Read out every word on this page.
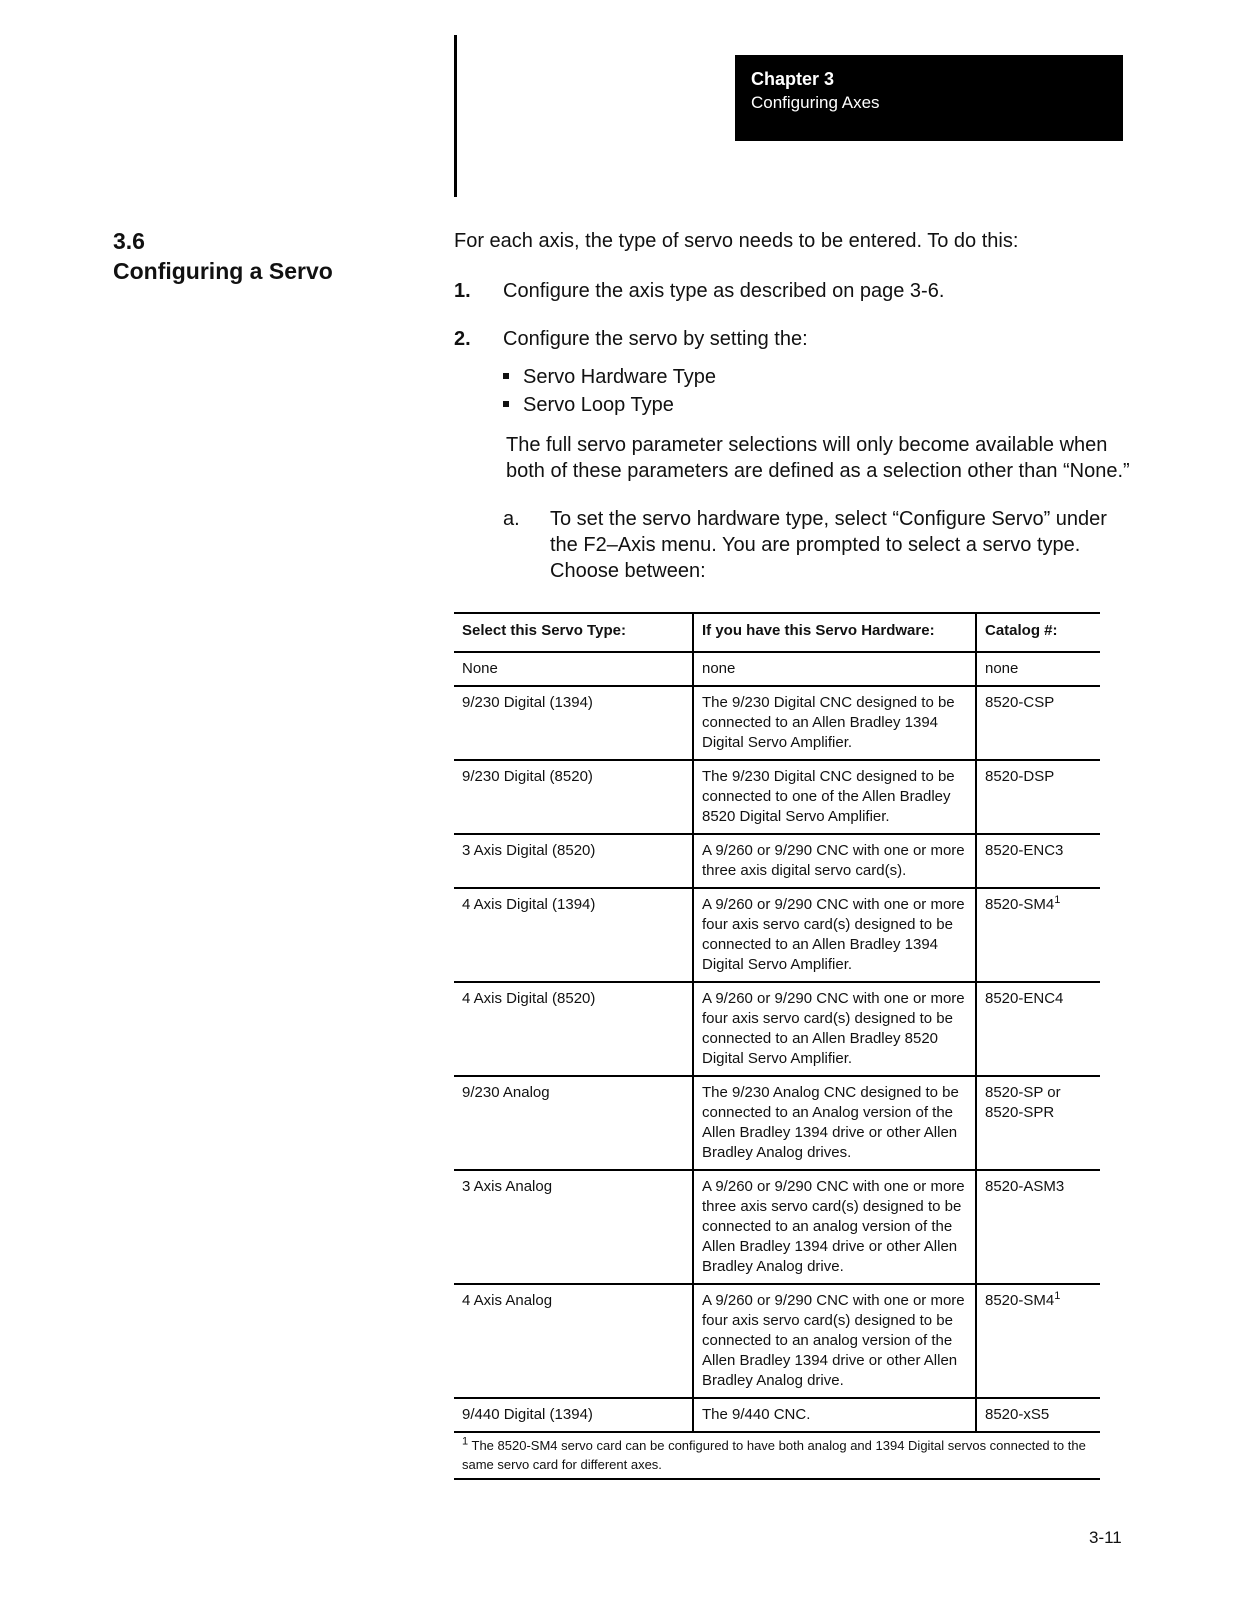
Chapter 3
Configuring Axes
3.6
Configuring a Servo
For each axis, the type of servo needs to be entered. To do this:
1. Configure the axis type as described on page 3-6.
2. Configure the servo by setting the:
Servo Hardware Type
Servo Loop Type
The full servo parameter selections will only become available when both of these parameters are defined as a selection other than “None.”
a. To set the servo hardware type, select “Configure Servo” under the F2–Axis menu. You are prompted to select a servo type. Choose between:
Select this Servo Type:	If you have this Servo Hardware:	Catalog #:
None	none	none
9/230 Digital (1394)	The 9/230 Digital CNC designed to be connected to an Allen Bradley 1394 Digital Servo Amplifier.	8520-CSP
9/230 Digital (8520)	The 9/230 Digital CNC designed to be connected to one of the Allen Bradley 8520 Digital Servo Amplifier.	8520-DSP
3 Axis Digital (8520)	A 9/260 or 9/290 CNC with one or more three axis digital servo card(s).	8520-ENC3
4 Axis Digital (1394)	A 9/260 or 9/290 CNC with one or more four axis servo card(s) designed to be connected to an Allen Bradley 1394 Digital Servo Amplifier.	$8520-SM4^1$
4 Axis Digital (8520)	A 9/260 or 9/290 CNC with one or more four axis servo card(s) designed to be connected to an Allen Bradley 8520 Digital Servo Amplifier.	8520-ENC4
9/230 Analog	The 9/230 Analog CNC designed to be connected to an Analog version of the Allen Bradley 1394 drive or other Allen Bradley Analog drives.	8520-SP or 8520-SPR
3 Axis Analog	A 9/260 or 9/290 CNC with one or more three axis servo card(s) designed to be connected to an analog version of the Allen Bradley 1394 drive or other Allen Bradley Analog drive.	8520-ASM3
4 Axis Analog	A 9/260 or 9/290 CNC with one or more four axis servo card(s) designed to be connected to an analog version of the Allen Bradley 1394 drive or other Allen Bradley Analog drive.	$8520-SM4^1$
9/440 Digital (1394)	The 9/440 CNC.	8520-xS5
$^1$ The 8520-SM4 servo card can be configured to have both analog and 1394 Digital servos connected to the same servo card for different axes.		
3-11
